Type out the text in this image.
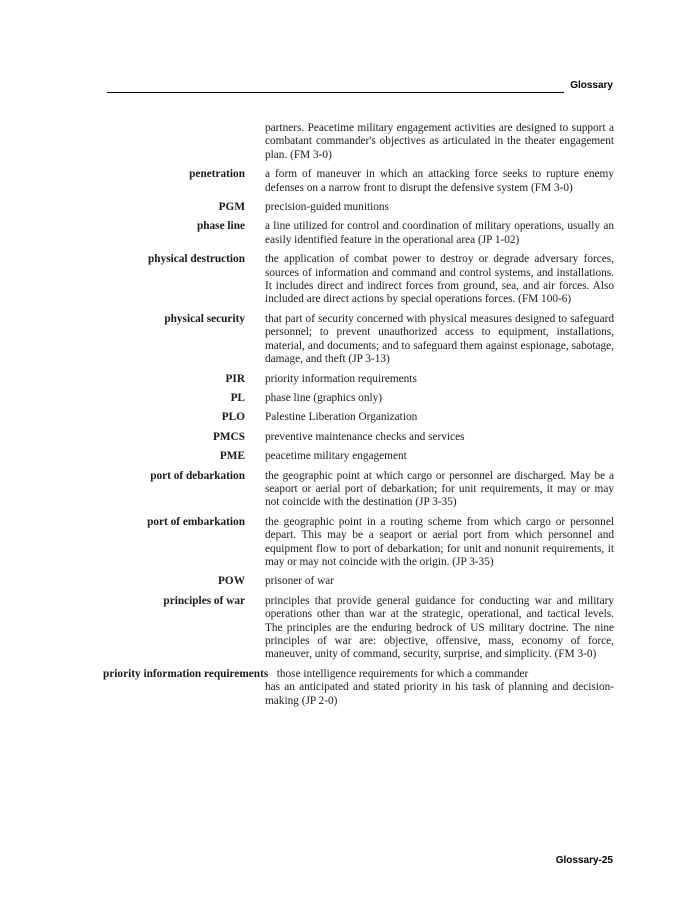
Glossary
partners. Peacetime military engagement activities are designed to support a combatant commander's objectives as articulated in the theater engagement plan. (FM 3-0)
penetration a form of maneuver in which an attacking force seeks to rupture enemy defenses on a narrow front to disrupt the defensive system (FM 3-0)
PGM precision-guided munitions
phase line a line utilized for control and coordination of military operations, usually an easily identified feature in the operational area (JP 1-02)
physical destruction the application of combat power to destroy or degrade adversary forces, sources of information and command and control systems, and installations. It includes direct and indirect forces from ground, sea, and air forces. Also included are direct actions by special operations forces. (FM 100-6)
physical security that part of security concerned with physical measures designed to safeguard personnel; to prevent unauthorized access to equipment, installations, material, and documents; and to safeguard them against espionage, sabotage, damage, and theft (JP 3-13)
PIR priority information requirements
PL phase line (graphics only)
PLO Palestine Liberation Organization
PMCS preventive maintenance checks and services
PME peacetime military engagement
port of debarkation the geographic point at which cargo or personnel are discharged. May be a seaport or aerial port of debarkation; for unit requirements, it may or may not coincide with the destination (JP 3-35)
port of embarkation the geographic point in a routing scheme from which cargo or personnel depart. This may be a seaport or aerial port from which personnel and equipment flow to port of debarkation; for unit and nonunit requirements, it may or may not coincide with the origin. (JP 3-35)
POW prisoner of war
principles of war principles that provide general guidance for conducting war and military operations other than war at the strategic, operational, and tactical levels. The principles are the enduring bedrock of US military doctrine. The nine principles of war are: objective, offensive, mass, economy of force, maneuver, unity of command, security, surprise, and simplicity. (FM 3-0)
priority information requirements those intelligence requirements for which a commander
has an anticipated and stated priority in his task of planning and decision-making (JP 2-0)
Glossary-25
